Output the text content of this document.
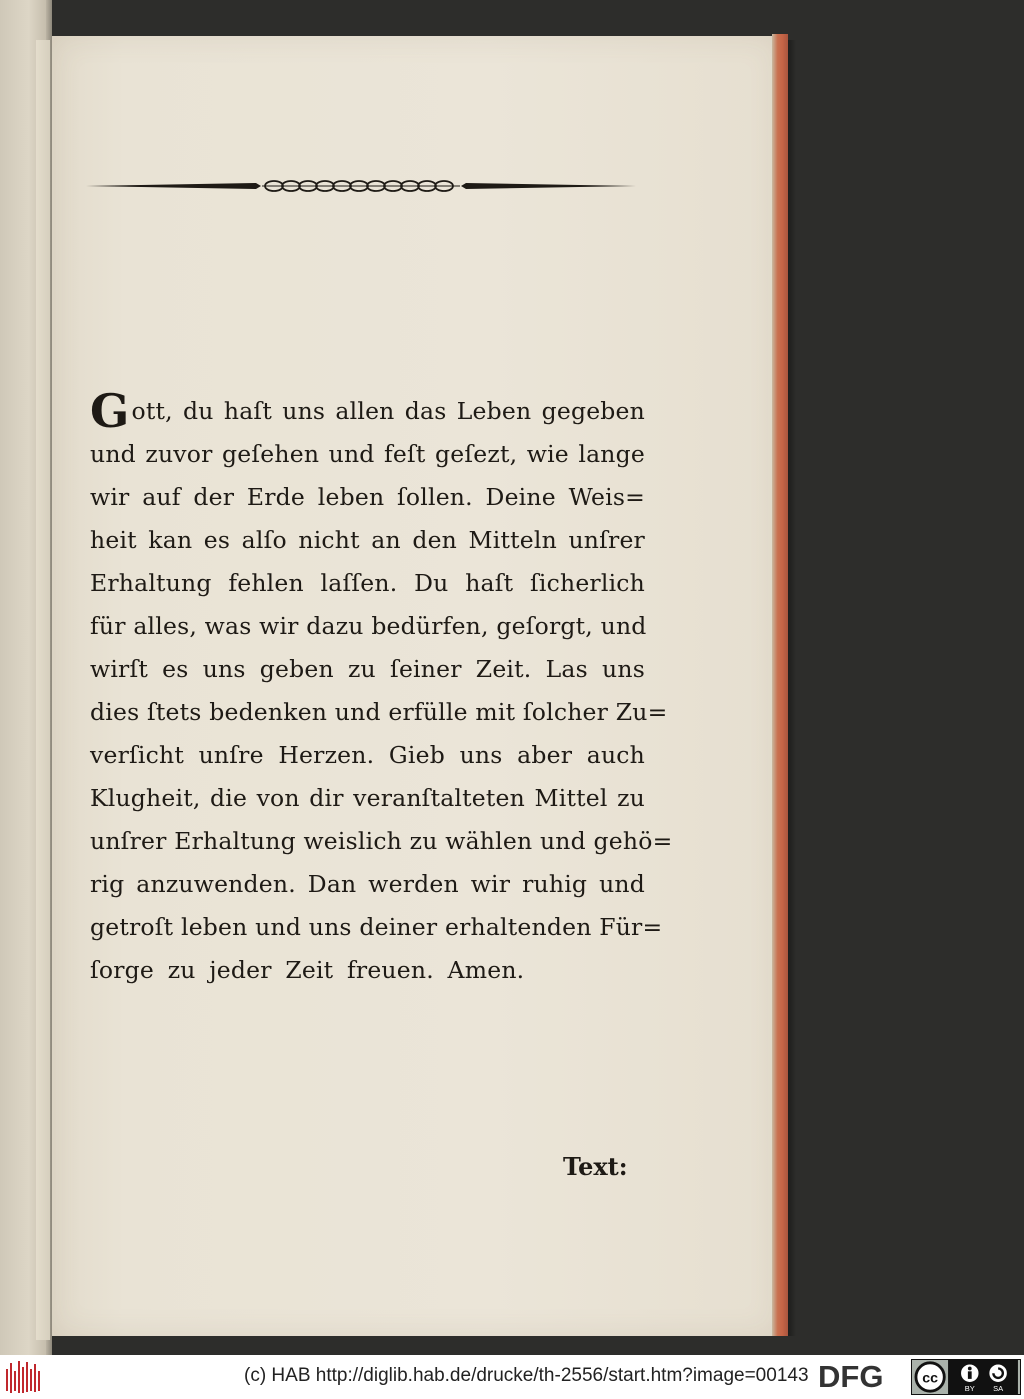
Gott, du haſt uns allen das Leben gegeben
und zuvor geſehen und feſt geſezt, wie lange
wir auf der Erde leben ſollen. Deine Weis=
heit kan es alſo nicht an den Mitteln unſrer
Erhaltung fehlen laſſen. Du haſt ſicherlich
für alles, was wir dazu bedürfen, geſorgt, und
wirſt es uns geben zu ſeiner Zeit. Las uns
dies ſtets bedenken und erfülle mit ſolcher Zu=
verſicht unſre Herzen. Gieb uns aber auch
Klugheit, die von dir veranſtalteten Mittel zu
unſrer Erhaltung weislich zu wählen und gehö=
rig anzuwenden. Dan werden wir ruhig und
getroſt leben und uns deiner erhaltenden Für=
ſorge zu jeder Zeit freuen. Amen.
Text:
(c) HAB http://diglib.hab.de/drucke/th-2556/start.htm?image=00143 DFG	cc
BY SA
